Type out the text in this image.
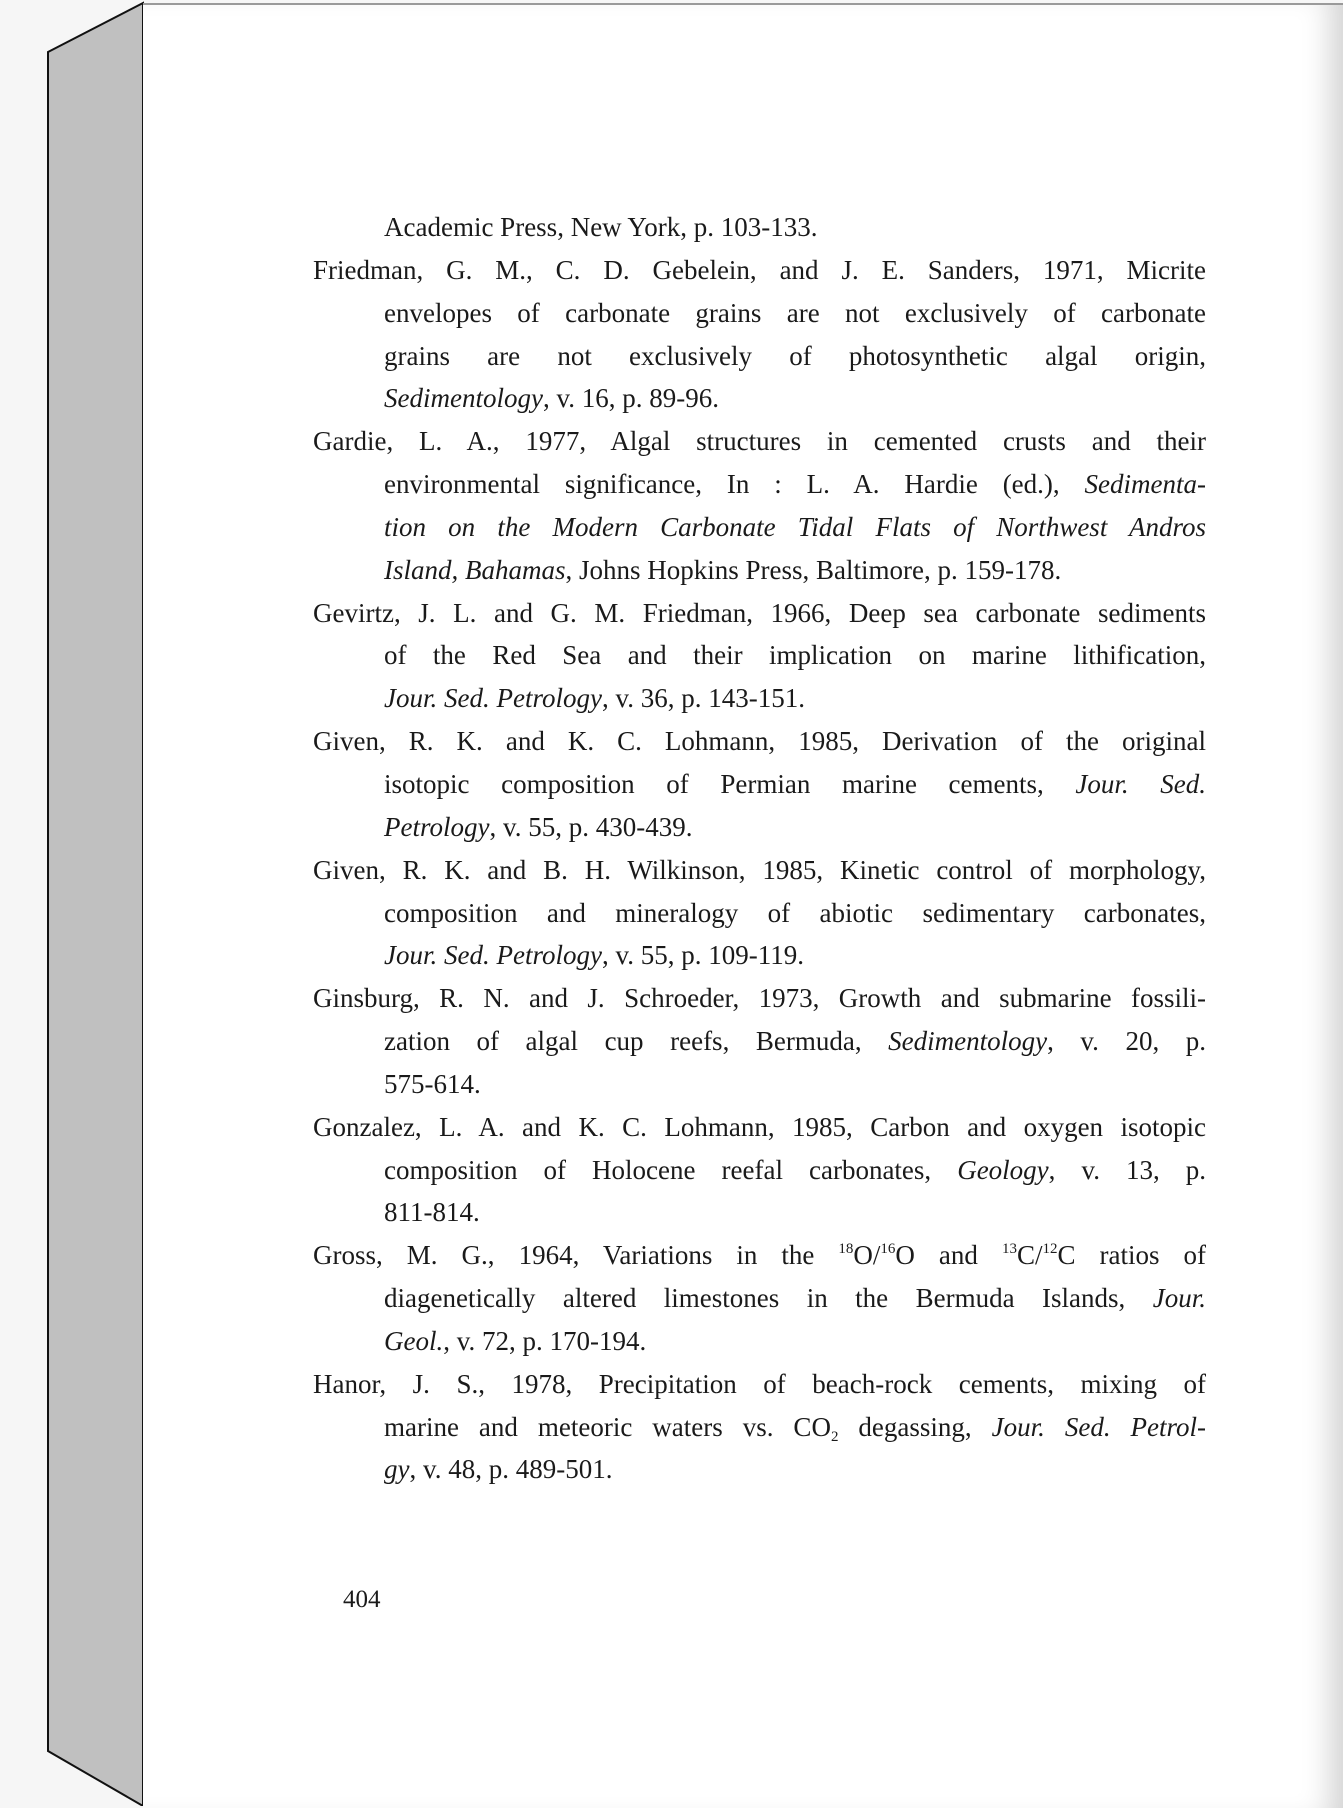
Academic Press, New York, p. 103-133.
Friedman, G. M., C. D. Gebelein, and J. E. Sanders, 1971, Micrite
envelopes of carbonate grains are not exclusively of carbonate
grains are not exclusively of photosynthetic algal origin,
Sedimentology, v. 16, p. 89-96.
Gardie, L. A., 1977, Algal structures in cemented crusts and their
environmental significance, In : L. A. Hardie (ed.), Sedimenta-
tion on the Modern Carbonate Tidal Flats of Northwest Andros
Island, Bahamas, Johns Hopkins Press, Baltimore, p. 159-178.
Gevirtz, J. L. and G. M. Friedman, 1966, Deep sea carbonate sediments
of the Red Sea and their implication on marine lithification,
Jour. Sed. Petrology, v. 36, p. 143-151.
Given, R. K. and K. C. Lohmann, 1985, Derivation of the original
isotopic composition of Permian marine cements, Jour. Sed.
Petrology, v. 55, p. 430-439.
Given, R. K. and B. H. Wilkinson, 1985, Kinetic control of morphology,
composition and mineralogy of abiotic sedimentary carbonates,
Jour. Sed. Petrology, v. 55, p. 109-119.
Ginsburg, R. N. and J. Schroeder, 1973, Growth and submarine fossili-
zation of algal cup reefs, Bermuda, Sedimentology, v. 20, p.
575-614.
Gonzalez, L. A. and K. C. Lohmann, 1985, Carbon and oxygen isotopic
composition of Holocene reefal carbonates, Geology, v. 13, p.
811-814.
Gross, M. G., 1964, Variations in the $^{18}$O/$^{16}$O and $^{13}$C/$^{12}$C ratios of
diagenetically altered limestones in the Bermuda Islands, Jour.
Geol., v. 72, p. 170-194.
Hanor, J. S., 1978, Precipitation of beach-rock cements, mixing of
marine and meteoric waters vs. $CO_2$ degassing, Jour. Sed. Petrol-
gy, v. 48, p. 489-501.
404
